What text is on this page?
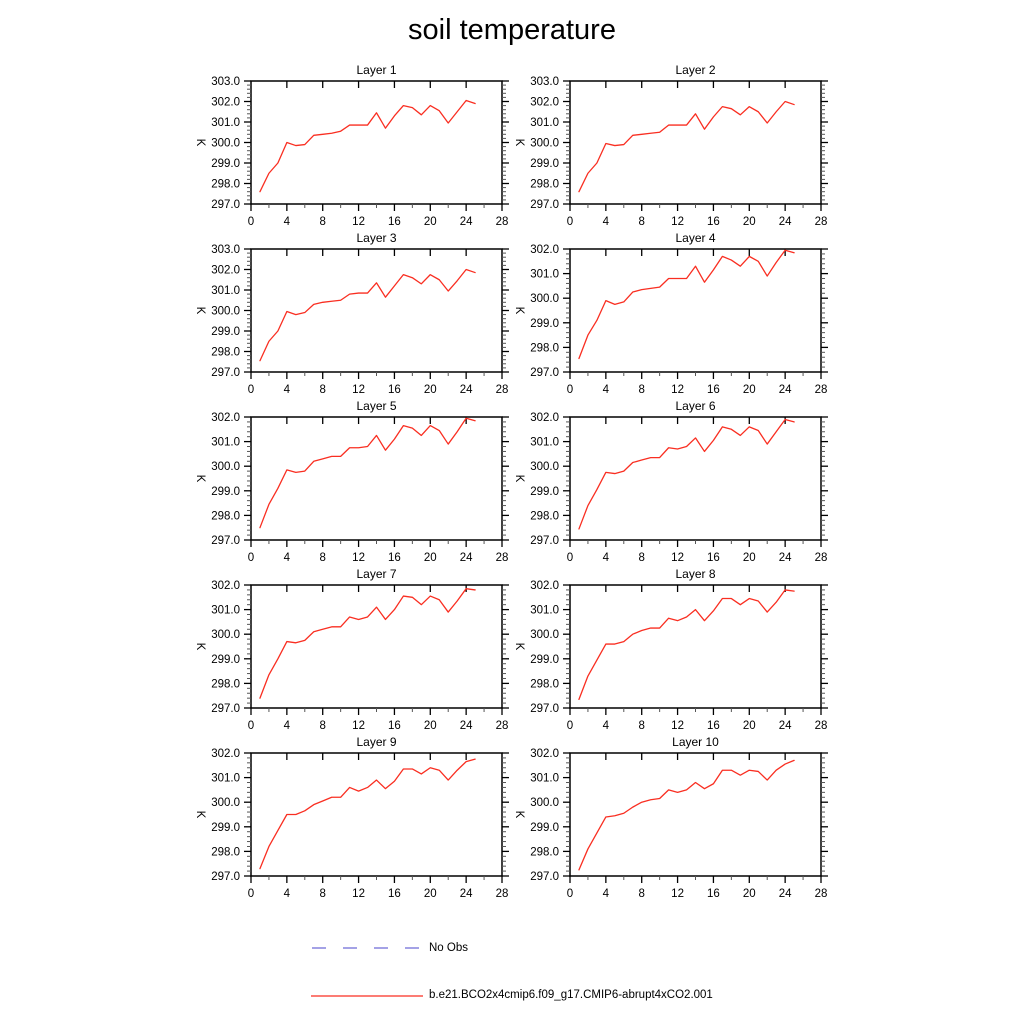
soil temperature
297.0
298.0
299.0
300.0
301.0
302.0
303.0
0	4	8 12 16 20 24 28
Layer 1
K
297.0
298.0
299.0
300.0
301.0
302.0
303.0
0	4	8 12 16 20 24 28
Layer 2
K
297.0
298.0
299.0
300.0
301.0
302.0
303.0
0	4	8 12 16 20 24 28
Layer 3
K
297.0
298.0
299.0
300.0
301.0
302.0
0	4	8 12 16 20 24 28
Layer 4
K
297.0
298.0
299.0
300.0
301.0
302.0
0	4	8 12 16 20 24 28
Layer 5
K
297.0
298.0
299.0
300.0
301.0
302.0
0	4	8 12 16 20 24 28
Layer 6
K
297.0
298.0
299.0
300.0
301.0
302.0
0	4	8 12 16 20 24 28
Layer 7
K
297.0
298.0
299.0
300.0
301.0
302.0
0	4	8 12 16 20 24 28
Layer 8
K
297.0
298.0
299.0
300.0
301.0
302.0
0	4	8 12 16 20 24 28
Layer 9
K
297.0
298.0
299.0
300.0
301.0
302.0
0	4	8 12 16 20 24 28
Layer 10
K
No Obs
b.e21.BCO2x4cmip6.f09_g17.CMIP6-abrupt4xCO2.001
